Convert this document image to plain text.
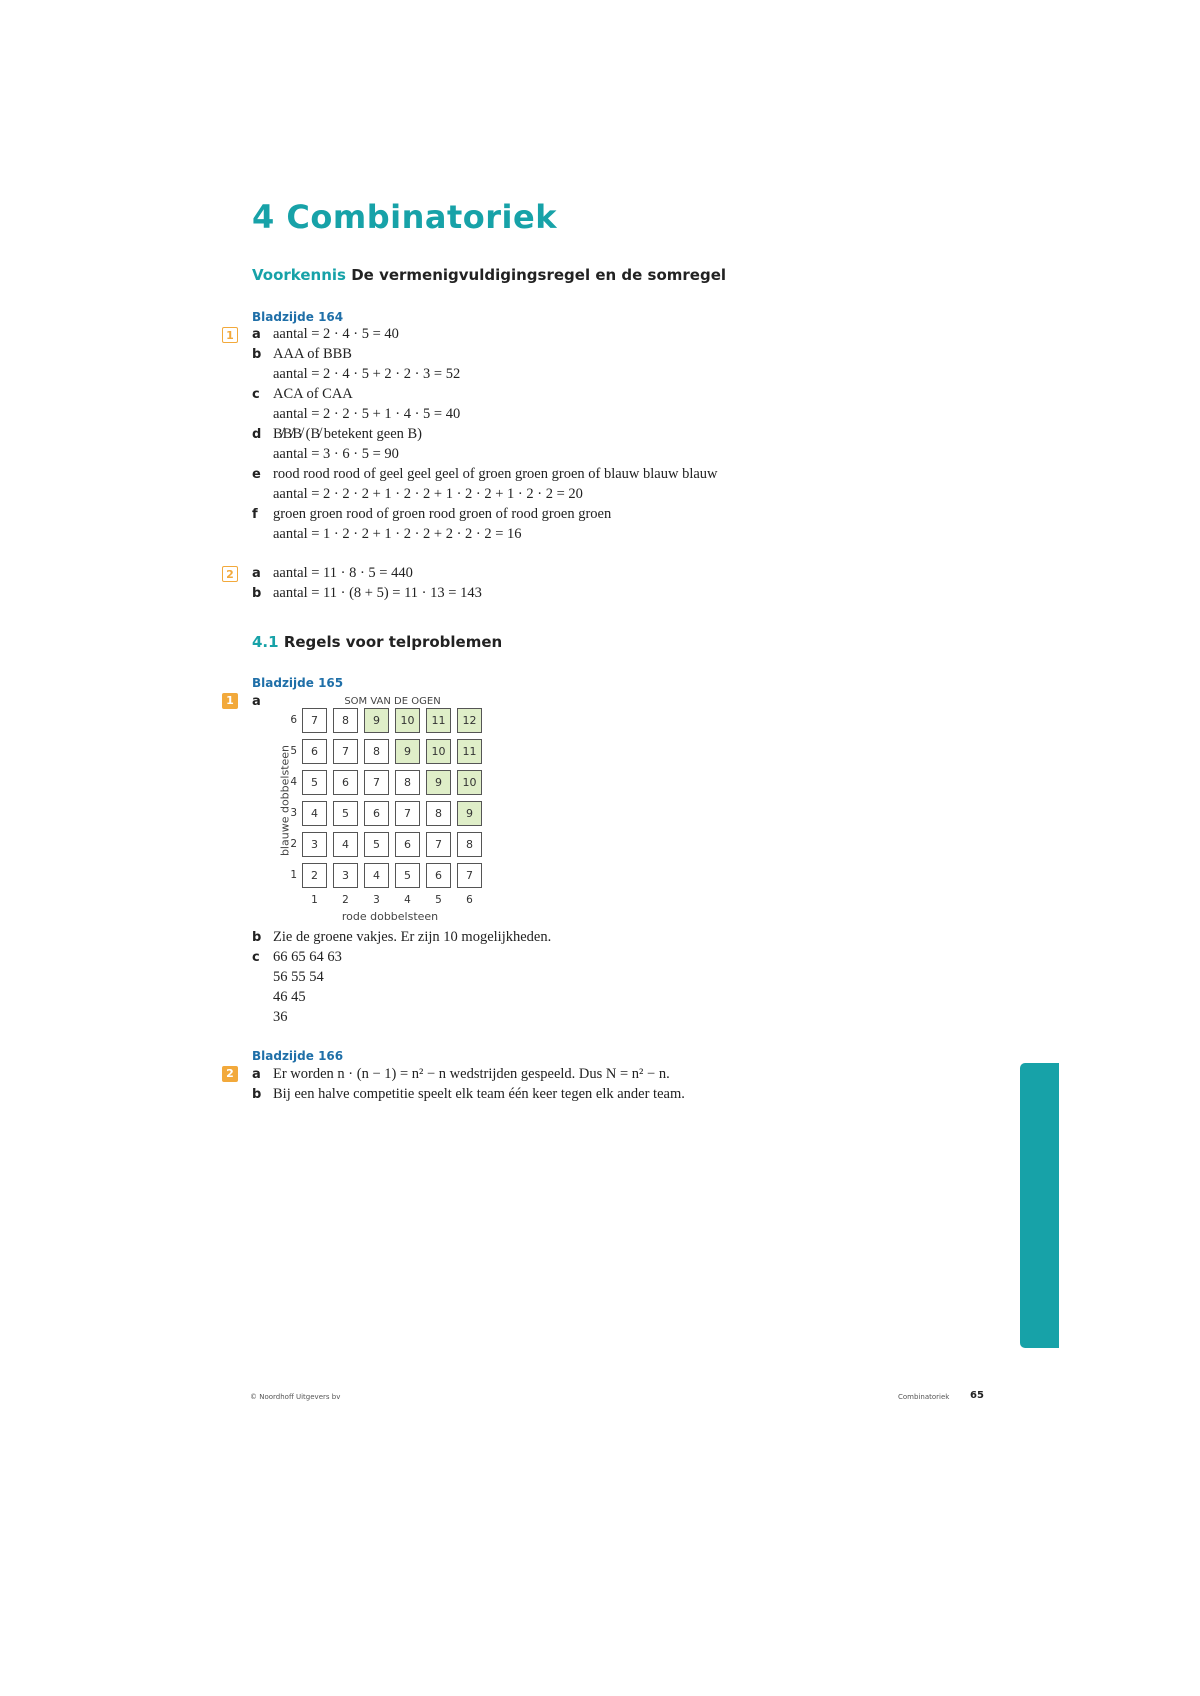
4 Combinatoriek
Voorkennis De vermenigvuldigingsregel en de somregel
Bladzijde 164
1	a aantal = 2 · 4 · 5 = 40
b AAA of BBB
aantal = 2 · 4 · 5 + 2 · 2 · 3 = 52
c ACA of CAA
aantal = 2 · 2 · 5 + 1 · 4 · 5 = 40
d B̸B̸B̸ (B̸ betekent geen B)
aantal = 3 · 6 · 5 = 90
e rood rood rood of geel geel geel of groen groen groen of blauw blauw blauw
aantal = 2 · 2 · 2 + 1 · 2 · 2 + 1 · 2 · 2 + 1 · 2 · 2 = 20
f	groen groen rood of groen rood groen of rood groen groen
aantal = 1 · 2 · 2 + 1 · 2 · 2 + 2 · 2 · 2 = 16
2	a aantal = 11 · 8 · 5 = 440
b aantal = 11 · (8 + 5) = 11 · 13 = 143
4.1 Regels voor telproblemen
Bladzijde 165
1	a	SOM VAN DE OGEN
blauwe dobbelsteen
rode dobbelsteen
6	7	8	9	10	11	12
5	6	7	8	9	10	11
4	5	6	7	8	9	10
3	4	5	6	7	8	9
2	3	4	5	6	7	8
1	2	3	4	5	6	7
1	2	3	4	5	6
b Zie de groene vakjes. Er zijn 10 mogelijkheden.
c 66 65 64 63
56 55 54
46 45
36
Bladzijde 166
2	a Er worden n · (n − 1) = n² − n wedstrijden gespeeld. Dus N = n² − n.
b Bij een halve competitie speelt elk team één keer tegen elk ander team.
© Noordhoff Uitgevers bv	Combinatoriek 65
